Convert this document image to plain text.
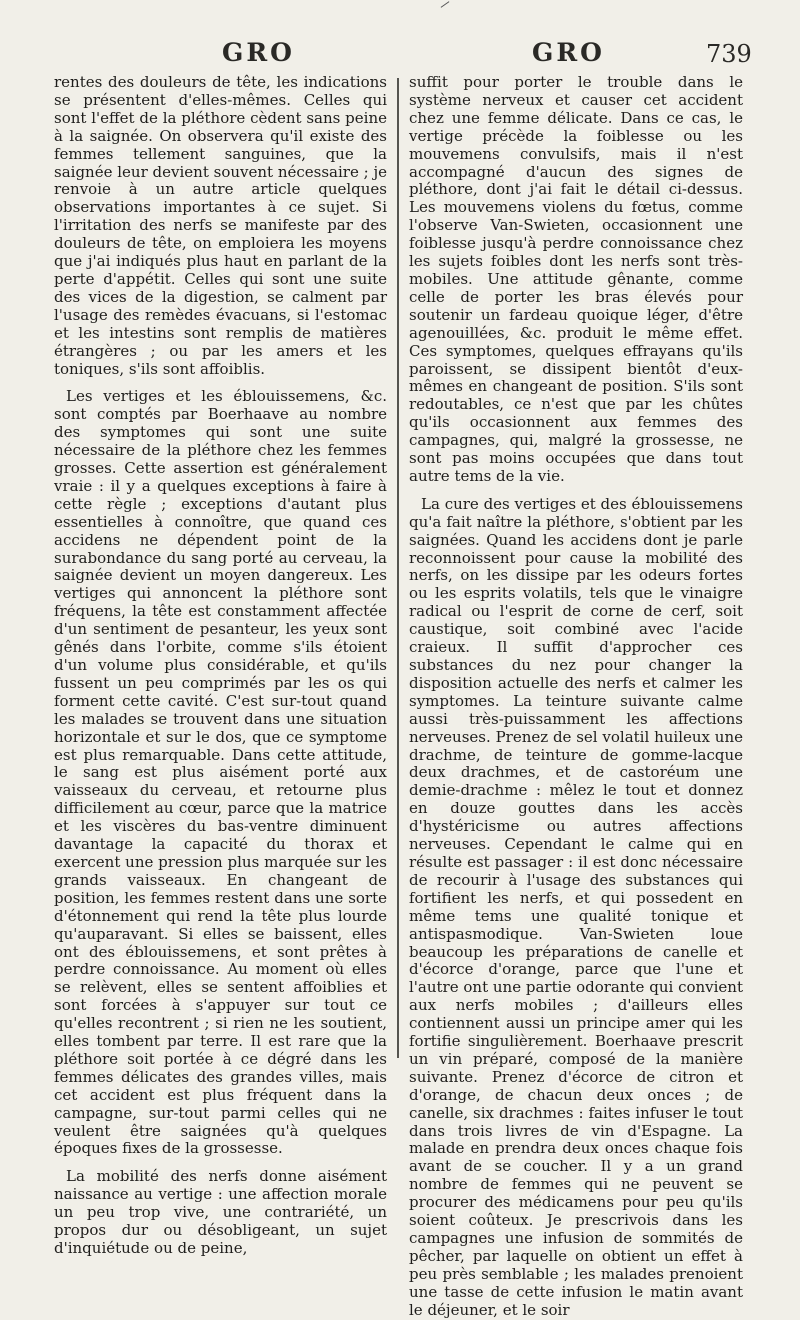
GRO	GRO	739

rentes des douleurs de tête, les indications se présentent d'elles-mêmes. Celles qui sont l'effet de la pléthore cèdent sans peine à la saignée. On observera qu'il existe des femmes tellement sanguines, que la saignée leur devient souvent nécessaire ; je renvoie à un autre article quelques observations importantes à ce sujet. Si l'irritation des nerfs se manifeste par des douleurs de tête, on emploiera les moyens que j'ai indiqués plus haut en parlant de la perte d'appétit. Celles qui sont une suite des vices de la digestion, se calment par l'usage des remèdes évacuans, si l'estomac et les intestins sont remplis de matières étrangères ; ou par les amers et les toniques, s'ils sont affoiblis.

Les vertiges et les éblouissemens, &c. sont comptés par Boerhaave au nombre des symptomes qui sont une suite nécessaire de la pléthore chez les femmes grosses. Cette assertion est généralement vraie : il y a quelques exceptions à faire à cette règle ; exceptions d'autant plus essentielles à connoître, que quand ces accidens ne dépendent point de la surabondance du sang porté au cerveau, la saignée devient un moyen dangereux. Les vertiges qui annoncent la pléthore sont fréquens, la tête est constamment affectée d'un sentiment de pesanteur, les yeux sont gênés dans l'orbite, comme s'ils étoient d'un volume plus considérable, et qu'ils fussent un peu comprimés par les os qui forment cette cavité. C'est sur-tout quand les malades se trouvent dans une situation horizontale et sur le dos, que ce symptome est plus remarquable. Dans cette attitude, le sang est plus aisément porté aux vaisseaux du cerveau, et retourne plus difficilement au cœur, parce que la matrice et les viscères du bas-ventre diminuent davantage la capacité du thorax et exercent une pression plus marquée sur les grands vaisseaux. En changeant de position, les femmes restent dans une sorte d'étonnement qui rend la tête plus lourde qu'auparavant. Si elles se baissent, elles ont des éblouissemens, et sont prêtes à perdre connoissance. Au moment où elles se relèvent, elles se sentent affoiblies et sont forcées à s'appuyer sur tout ce qu'elles recontrent ; si rien ne les soutient, elles tombent par terre. Il est rare que la pléthore soit portée à ce dégré dans les femmes délicates des grandes villes, mais cet accident est plus fréquent dans la campagne, sur-tout parmi celles qui ne veulent être saignées qu'à quelques époques fixes de la grossesse.

La mobilité des nerfs donne aisément naissance au vertige : une affection morale un peu trop vive, une contrariété, un propos dur ou désobligeant, un sujet d'inquiétude ou de peine,

suffit pour porter le trouble dans le système nerveux et causer cet accident chez une femme délicate. Dans ce cas, le vertige précède la foiblesse ou les mouvemens convulsifs, mais il n'est accompagné d'aucun des signes de pléthore, dont j'ai fait le détail ci-dessus. Les mouvemens violens du fœtus, comme l'observe Van-Swieten, occasionnent une foiblesse jusqu'à perdre connoissance chez les sujets foibles dont les nerfs sont très-mobiles. Une attitude gênante, comme celle de porter les bras élevés pour soutenir un fardeau quoique léger, d'être agenouillées, &c. produit le même effet. Ces symptomes, quelques effrayans qu'ils paroissent, se dissipent bientôt d'eux-mêmes en changeant de position. S'ils sont redoutables, ce n'est que par les chûtes qu'ils occasionnent aux femmes des campagnes, qui, malgré la grossesse, ne sont pas moins occupées que dans tout autre tems de la vie.

La cure des vertiges et des éblouissemens qu'a fait naître la pléthore, s'obtient par les saignées. Quand les accidens dont je parle reconnoissent pour cause la mobilité des nerfs, on les dissipe par les odeurs fortes ou les esprits volatils, tels que le vinaigre radical ou l'esprit de corne de cerf, soit caustique, soit combiné avec l'acide craieux. Il suffit d'approcher ces substances du nez pour changer la disposition actuelle des nerfs et calmer les symptomes. La teinture suivante calme aussi très-puissamment les affections nerveuses. Prenez de sel volatil huileux une drachme, de teinture de gomme-lacque deux drachmes, et de castoréum une demie-drachme : mêlez le tout et donnez en douze gouttes dans les accès d'hystéricisme ou autres affections nerveuses. Cependant le calme qui en résulte est passager : il est donc nécessaire de recourir à l'usage des substances qui fortifient les nerfs, et qui possedent en même tems une qualité tonique et antispasmodique. Van-Swieten loue beaucoup les préparations de canelle et d'écorce d'orange, parce que l'une et l'autre ont une partie odorante qui convient aux nerfs mobiles ; d'ailleurs elles contiennent aussi un principe amer qui les fortifie singulièrement. Boerhaave prescrit un vin préparé, composé de la manière suivante. Prenez d'écorce de citron et d'orange, de chacun deux onces ; de canelle, six drachmes : faites infuser le tout dans trois livres de vin d'Espagne. La malade en prendra deux onces chaque fois avant de se coucher. Il y a un grand nombre de femmes qui ne peuvent se procurer des médicamens pour peu qu'ils soient coûteux. Je prescrivois dans les campagnes une infusion de sommités de pêcher, par laquelle on obtient un effet à peu près semblable ; les malades prenoient une tasse de cette infusion le matin avant le déjeuner, et le soir
